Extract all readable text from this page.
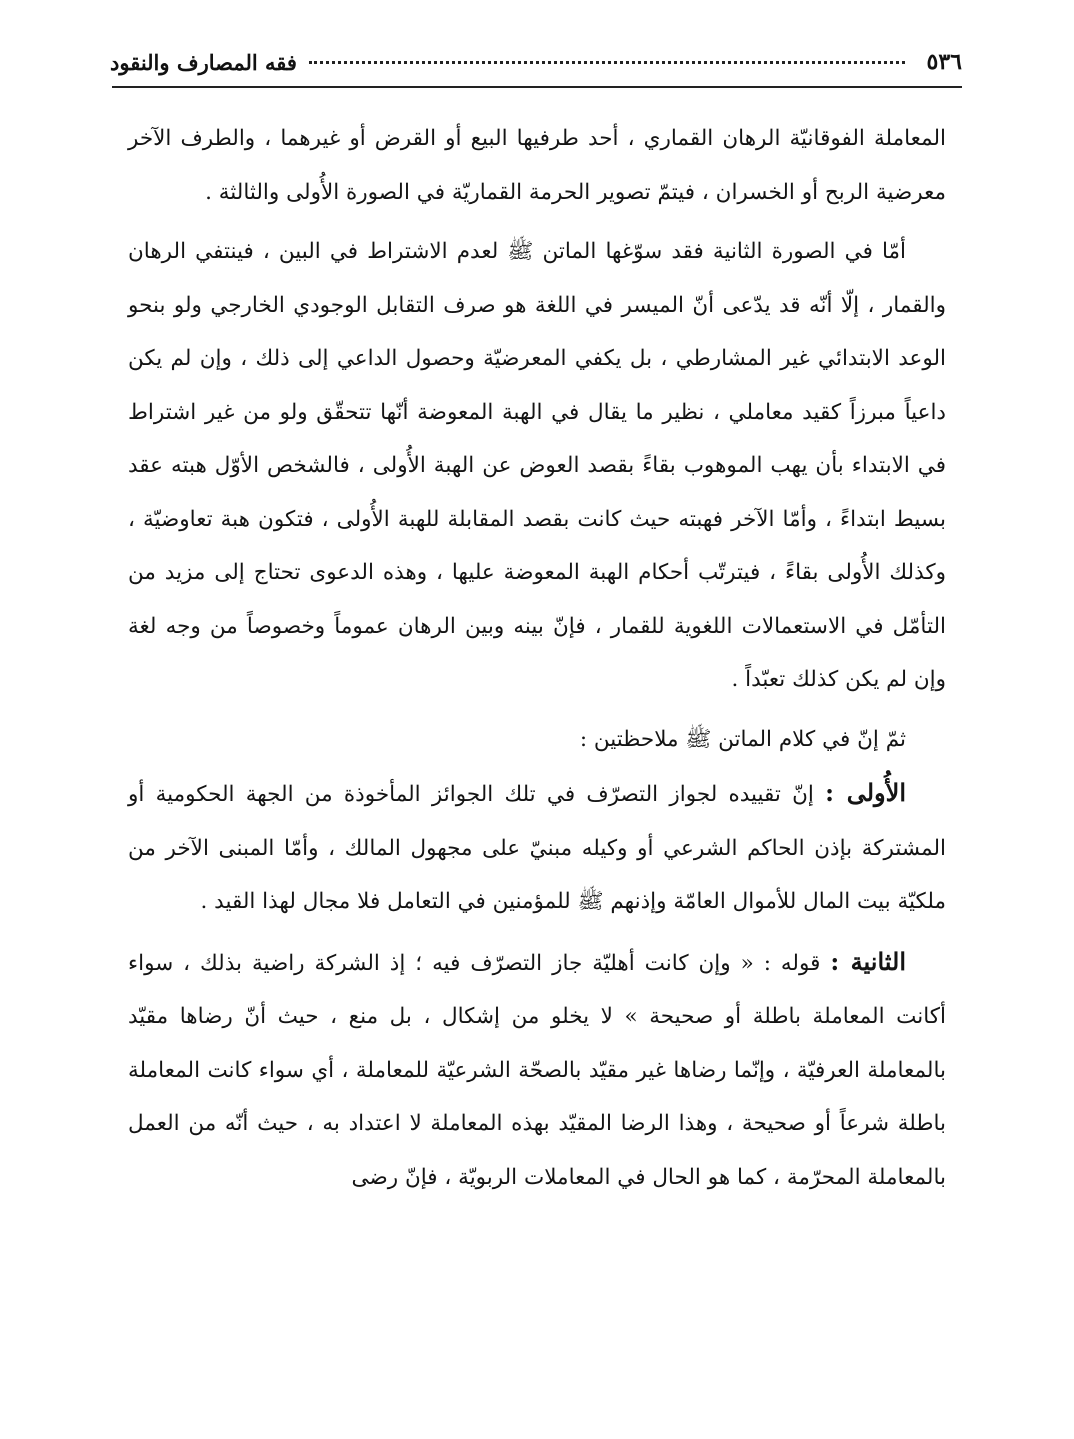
٥٣٦
فقه المصارف والنقود

المعاملة الفوقانيّة الرهان القماري ، أحد طرفيها البيع أو القرض أو غيرهما ، والطرف الآخر معرضية الربح أو الخسران ، فيتمّ تصوير الحرمة القماريّة في الصورة الأُولى والثالثة .

أمّا في الصورة الثانية فقد سوّغها الماتن ﷺ لعدم الاشتراط في البين ، فينتفي الرهان والقمار ، إلّا أنّه قد يدّعى أنّ الميسر في اللغة هو صرف التقابل الوجودي الخارجي ولو بنحو الوعد الابتدائي غير المشارطي ، بل يكفي المعرضيّة وحصول الداعي إلى ذلك ، وإن لم يكن داعياً مبرزاً كقيد معاملي ، نظير ما يقال في الهبة المعوضة أنّها تتحقّق ولو من غير اشتراط في الابتداء بأن يهب الموهوب بقاءً بقصد العوض عن الهبة الأُولى ، فالشخص الأوّل هبته عقد بسيط ابتداءً ، وأمّا الآخر فهبته حيث كانت بقصد المقابلة للهبة الأُولى ، فتكون هبة تعاوضيّة ، وكذلك الأُولى بقاءً ، فيترتّب أحكام الهبة المعوضة عليها ، وهذه الدعوى تحتاج إلى مزيد من التأمّل في الاستعمالات اللغوية للقمار ، فإنّ بينه وبين الرهان عموماً وخصوصاً من وجه لغة وإن لم يكن كذلك تعبّداً .

ثمّ إنّ في كلام الماتن ﷺ ملاحظتين :

الأُولى : إنّ تقييده لجواز التصرّف في تلك الجوائز المأخوذة من الجهة الحكومية أو المشتركة بإذن الحاكم الشرعي أو وكيله مبنيّ على مجهول المالك ، وأمّا المبنى الآخر من ملكيّة بيت المال للأموال العامّة وإذنهم ﷺ للمؤمنين في التعامل فلا مجال لهذا القيد .

الثانية : قوله : « وإن كانت أهليّة جاز التصرّف فيه ؛ إذ الشركة راضية بذلك ، سواء أكانت المعاملة باطلة أو صحيحة » لا يخلو من إشكال ، بل منع ، حيث أنّ رضاها مقيّد بالمعاملة العرفيّة ، وإنّما رضاها غير مقيّد بالصحّة الشرعيّة للمعاملة ، أي سواء كانت المعاملة باطلة شرعاً أو صحيحة ، وهذا الرضا المقيّد بهذه المعاملة لا اعتداد به ، حيث أنّه من العمل بالمعاملة المحرّمة ، كما هو الحال في المعاملات الربويّة ، فإنّ رضى
